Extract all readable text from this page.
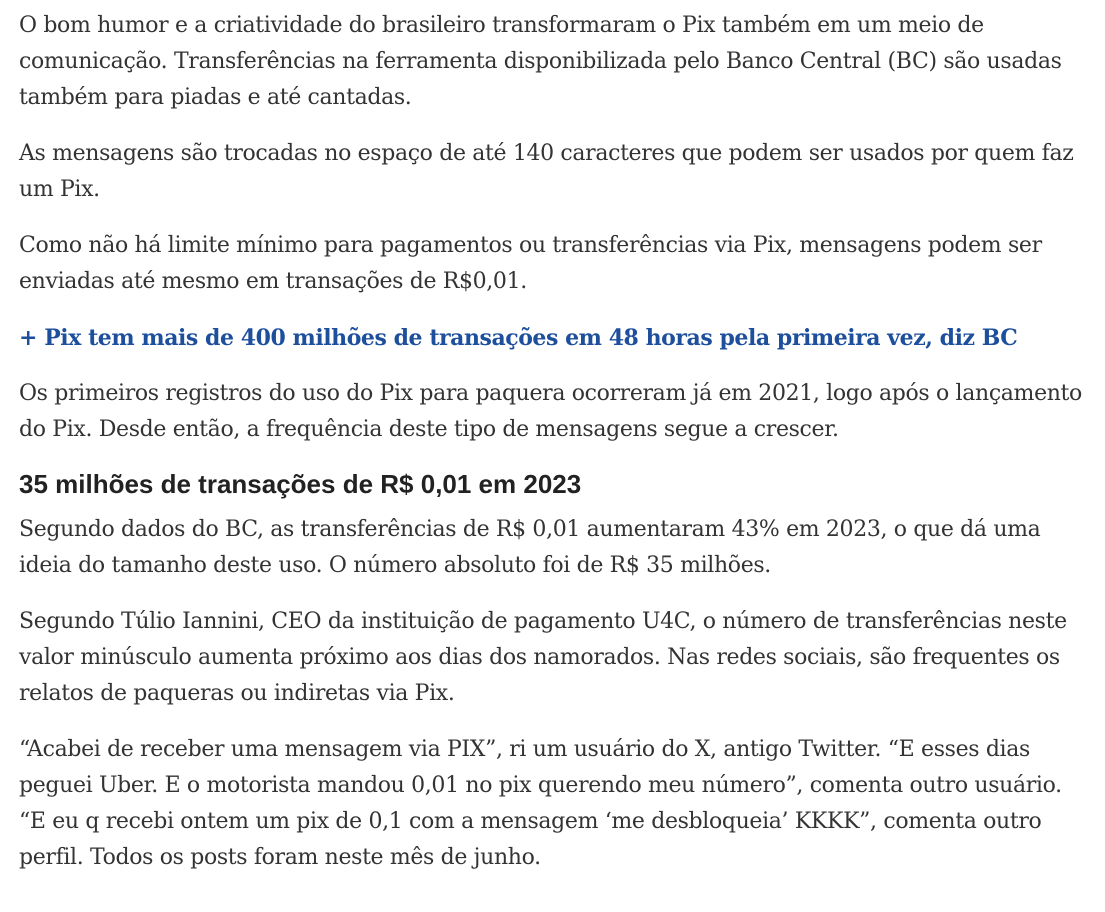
O bom humor e a criatividade do brasileiro transformaram o Pix também em um meio de comunicação. Transferências na ferramenta disponibilizada pelo Banco Central (BC) são usadas também para piadas e até cantadas.

As mensagens são trocadas no espaço de até 140 caracteres que podem ser usados por quem faz um Pix.

Como não há limite mínimo para pagamentos ou transferências via Pix, mensagens podem ser enviadas até mesmo em transações de R$0,01.

+ Pix tem mais de 400 milhões de transações em 48 horas pela primeira vez, diz BC

Os primeiros registros do uso do Pix para paquera ocorreram já em 2021, logo após o lançamento do Pix. Desde então, a frequência deste tipo de mensagens segue a crescer.

35 milhões de transações de R$ 0,01 em 2023

Segundo dados do BC, as transferências de R$ 0,01 aumentaram 43% em 2023, o que dá uma ideia do tamanho deste uso. O número absoluto foi de R$ 35 milhões.

Segundo Túlio Iannini, CEO da instituição de pagamento U4C, o número de transferências neste valor minúsculo aumenta próximo aos dias dos namorados. Nas redes sociais, são frequentes os relatos de paqueras ou indiretas via Pix.

“Acabei de receber uma mensagem via PIX”, ri um usuário do X, antigo Twitter. “E esses dias peguei Uber. E o motorista mandou 0,01 no pix querendo meu número”, comenta outro usuário. “E eu q recebi ontem um pix de 0,1 com a mensagem ‘me desbloqueia’ KKKK”, comenta outro perfil. Todos os posts foram neste mês de junho.
